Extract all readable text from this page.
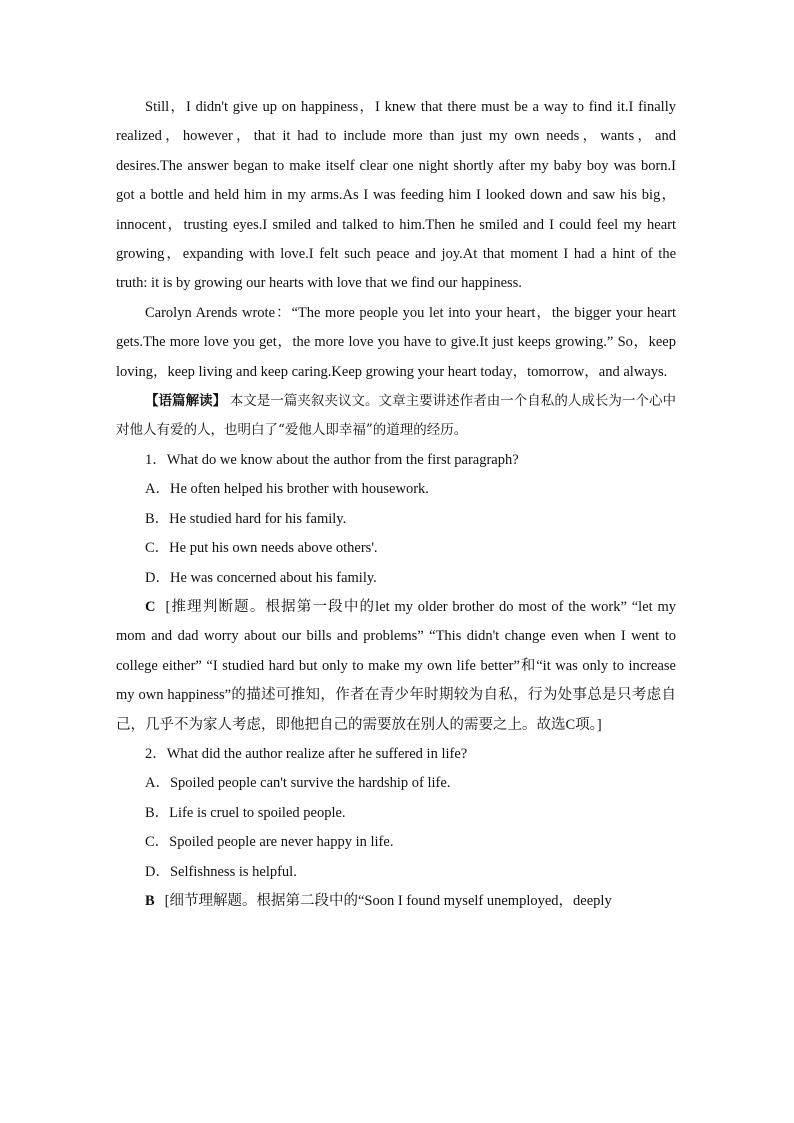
Still，I didn't give up on happiness，I knew that there must be a way to find it.I finally realized，however，that it had to include more than just my own needs，wants，and desires.The answer began to make itself clear one night shortly after my baby boy was born.I got a bottle and held him in my arms.As I was feeding him I looked down and saw his big，innocent，trusting eyes.I smiled and talked to him.Then he smiled and I could feel my heart growing，expanding with love.I felt such peace and joy.At that moment I had a hint of the truth: it is by growing our hearts with love that we find our happiness.

Carolyn Arends wrote：“The more people you let into your heart，the bigger your heart gets.The more love you get，the more love you have to give.It just keeps growing.” So，keep loving，keep living and keep caring.Keep growing your heart today，tomorrow，and always.

【语篇解读】 本文是一篇夹叙夹议文。文章主要讲述作者由一个自私的人成长为一个心中对他人有爱的人，也明白了“爱他人即幸福”的道理的经历。

1．What do we know about the author from the first paragraph?

A．He often helped his brother with housework.

B．He studied hard for his family.

C．He put his own needs above others'.

D．He was concerned about his family.

C [推理判断题。根据第一段中的let my older brother do most of the work” “let my mom and dad worry about our bills and problems” “This didn't change even when I went to college either” “I studied hard but only to make my own life better”和“it was only to increase my own happiness”的描述可推知，作者在青少年时期较为自私，行为处事总是只考虑自己，几乎不为家人考虑，即他把自己的需要放在别人的需要之上。故选C项。]

2．What did the author realize after he suffered in life?

A．Spoiled people can't survive the hardship of life.

B．Life is cruel to spoiled people.

C．Spoiled people are never happy in life.

D．Selfishness is helpful.

B [细节理解题。根据第二段中的“Soon I found myself unemployed，deeply
